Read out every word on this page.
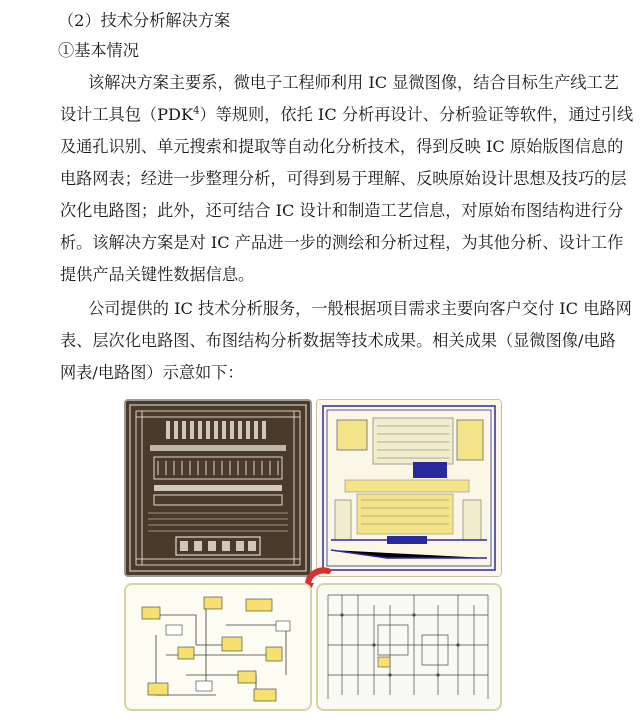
（2）技术分析解决方案
①基本情况
该解决方案主要系，微电子工程师利用 IC 显微图像，结合目标生产线工艺
设计工具包（PDK$^4$）等规则，依托 IC 分析再设计、分析验证等软件，通过引线
及通孔识别、单元搜索和提取等自动化分析技术，得到反映 IC 原始版图信息的
电路网表；经进一步整理分析，可得到易于理解、反映原始设计思想及技巧的层
次化电路图；此外，还可结合 IC 设计和制造工艺信息，对原始布图结构进行分
析。该解决方案是对 IC 产品进一步的测绘和分析过程，为其他分析、设计工作
提供产品关键性数据信息。
公司提供的 IC 技术分析服务，一般根据项目需求主要向客户交付 IC 电路网
表、层次化电路图、布图结构分析数据等技术成果。相关成果（显微图像/电路
网表/电路图）示意如下：
